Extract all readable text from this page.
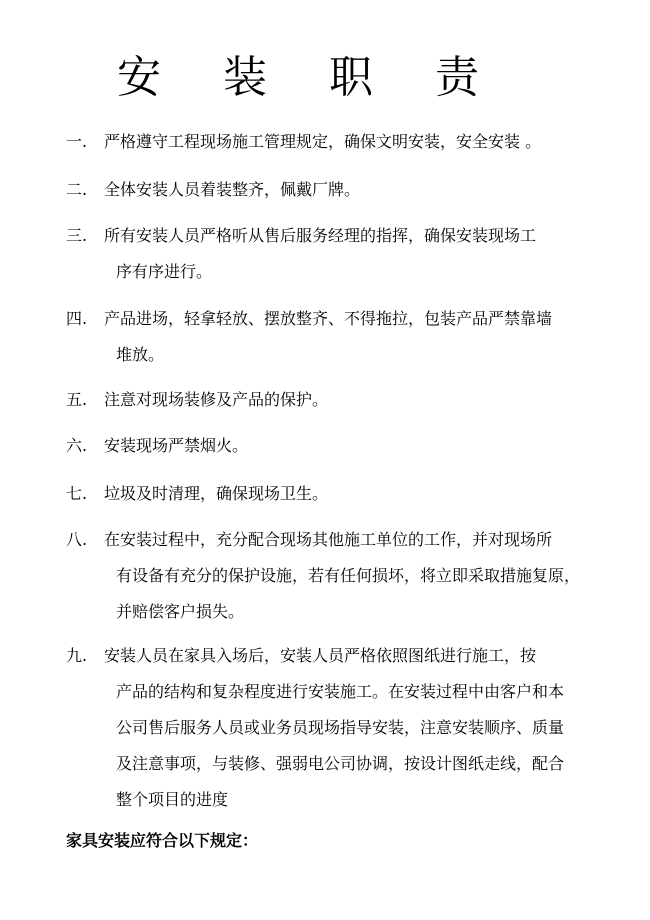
安 装 职 责
一.	严格遵守工程现场施工管理规定，确保文明安装，安全安装 。
二.	全体安装人员着装整齐，佩戴厂牌。
三.	所有安装人员严格听从售后服务经理的指挥，确保安装现场工
序有序进行。
四.	产品进场，轻拿轻放、摆放整齐、不得拖拉，包装产品严禁靠墙
堆放。
五.	注意对现场装修及产品的保护。
六.	安装现场严禁烟火。
七.	垃圾及时清理，确保现场卫生。
八.	在安装过程中，充分配合现场其他施工单位的工作，并对现场所
有设备有充分的保护设施，若有任何损坏，将立即采取措施复原，
并赔偿客户损失。
九.	安装人员在家具入场后，安装人员严格依照图纸进行施工，按
产品的结构和复杂程度进行安装施工。在安装过程中由客户和本
公司售后服务人员或业务员现场指导安装，注意安装顺序、质量
及注意事项，与装修、强弱电公司协调，按设计图纸走线，配合
整个项目的进度
家具安装应符合以下规定：
